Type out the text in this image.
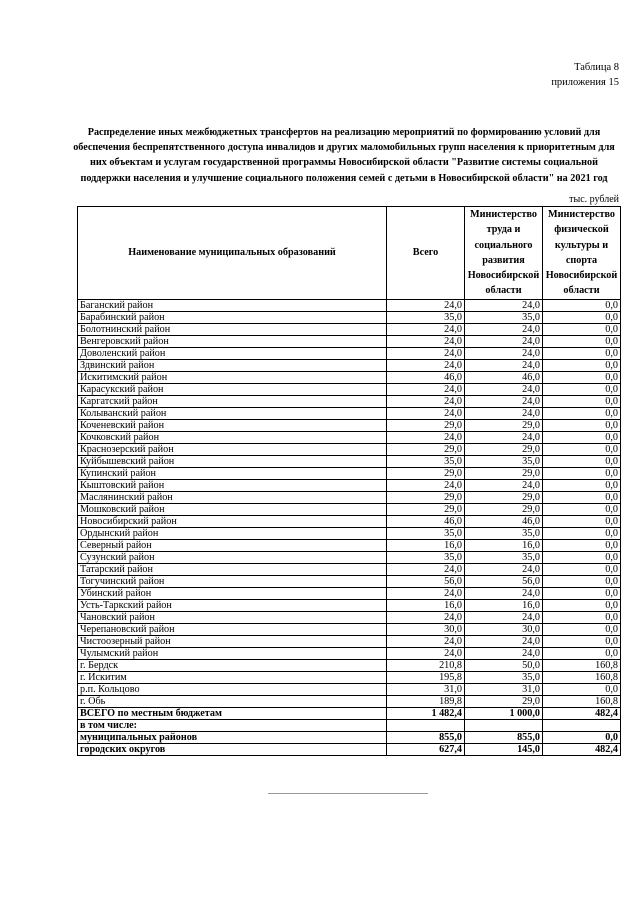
Таблица 8
приложения 15
Распределение иных межбюджетных трансфертов на реализацию мероприятий по формированию условий для обеспечения беспрепятственного доступа инвалидов и других маломобильных групп населения к приоритетным для них объектам и услугам государственной программы Новосибирской области "Развитие системы социальной поддержки населения и улучшение социального положения семей с детьми в Новосибирской области" на 2021 год
тыс. рублей
Наименование муниципальных образований	Всего	Министерство труда и социального развития Новосибирской области	Министерство физической культуры и спорта Новосибирской области
Баганский район	24,0	24,0	0,0
Барабинский район	35,0	35,0	0,0
Болотнинский район	24,0	24,0	0,0
Венгеровский район	24,0	24,0	0,0
Доволенский район	24,0	24,0	0,0
Здвинский район	24,0	24,0	0,0
Искитимский район	46,0	46,0	0,0
Карасукский район	24,0	24,0	0,0
Каргатский район	24,0	24,0	0,0
Колыванский район	24,0	24,0	0,0
Коченевский район	29,0	29,0	0,0
Кочковский район	24,0	24,0	0,0
Краснозерский район	29,0	29,0	0,0
Куйбышевский район	35,0	35,0	0,0
Купинский район	29,0	29,0	0,0
Кыштовский район	24,0	24,0	0,0
Маслянинский район	29,0	29,0	0,0
Мошковский район	29,0	29,0	0,0
Новосибирский район	46,0	46,0	0,0
Ордынский район	35,0	35,0	0,0
Северный район	16,0	16,0	0,0
Сузунский район	35,0	35,0	0,0
Татарский район	24,0	24,0	0,0
Тогучинский район	56,0	56,0	0,0
Убинский район	24,0	24,0	0,0
Усть-Таркский район	16,0	16,0	0,0
Чановский район	24,0	24,0	0,0
Черепановский район	30,0	30,0	0,0
Чистоозерный район	24,0	24,0	0,0
Чулымский район	24,0	24,0	0,0
г. Бердск	210,8	50,0	160,8
г. Искитим	195,8	35,0	160,8
р.п. Кольцово	31,0	31,0	0,0
г. Обь	189,8	29,0	160,8
ВСЕГО по местным бюджетам	1 482,4	1 000,0	482,4
в том числе:			
муниципальных районов	855,0	855,0	0,0
городских округов	627,4	145,0	482,4
